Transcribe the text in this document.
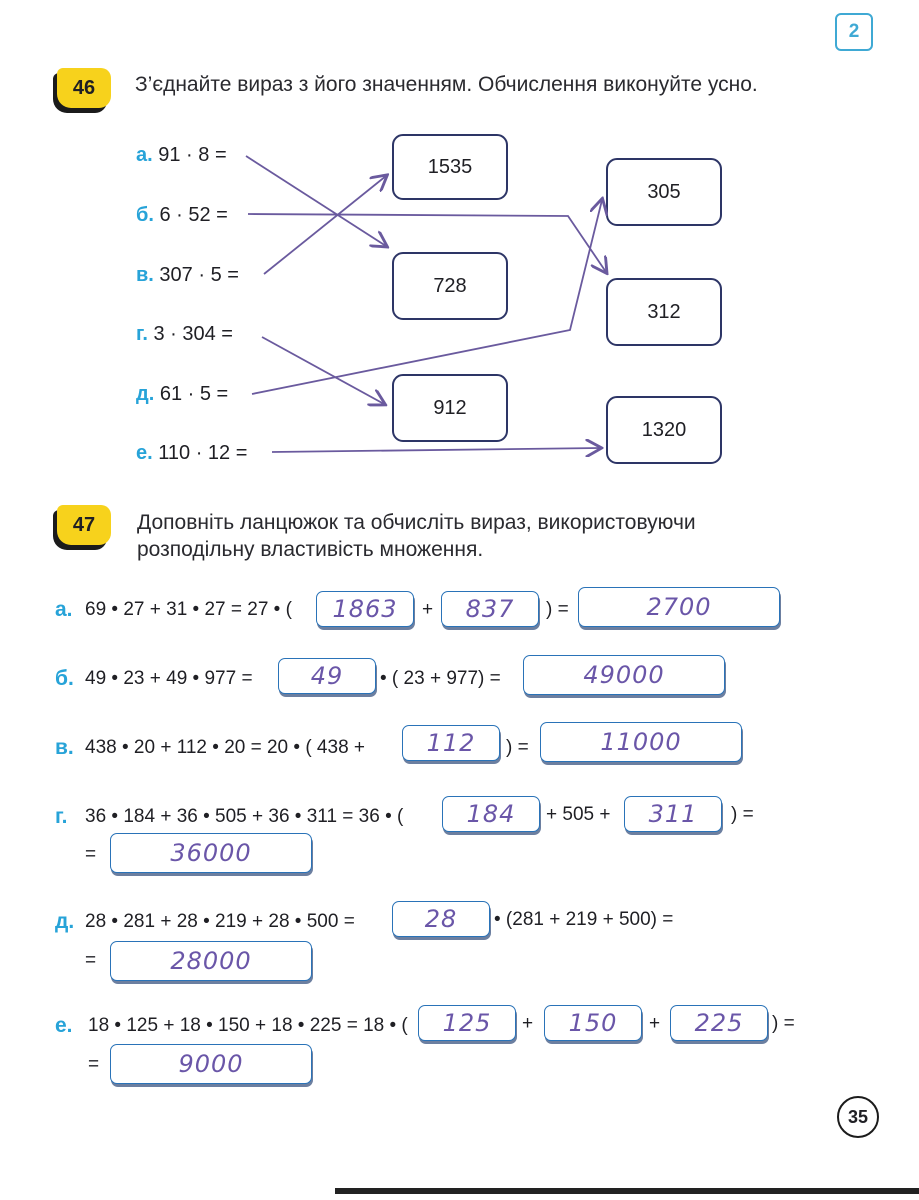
2
46	З’єднайте вираз з його значенням. Обчислення виконуйте усно.
а. 91 · 8 =
б. 6 · 52 =
в. 307 · 5 =
г. 3 · 304 =
д. 61 · 5 =
е. 110 · 12 =
1535
728
912
305
312
1320
47	Доповніть ланцюжок та обчисліть вираз, використовуючи
розподільну властивість множення.
а. 69 • 27 + 31 • 27 = 27 • (	1863	+	837	) =	2700
б. 49 • 23 + 49 • 977 =	49	• ( 23 + 977) =	49000
в. 438 • 20 + 112 • 20 = 20 • ( 438 +	112	) =	11000
г. 36 • 184 + 36 • 505 + 36 • 311 = 36 • (	184	+ 505 +	311	) =
=	36000
д. 28 • 281 + 28 • 219 + 28 • 500 =	28	• (281 + 219 + 500) =
=	28000
е. 18 • 125 + 18 • 150 + 18 • 225 = 18 • (	125	+	150	+	225	) =
=	9000
35
